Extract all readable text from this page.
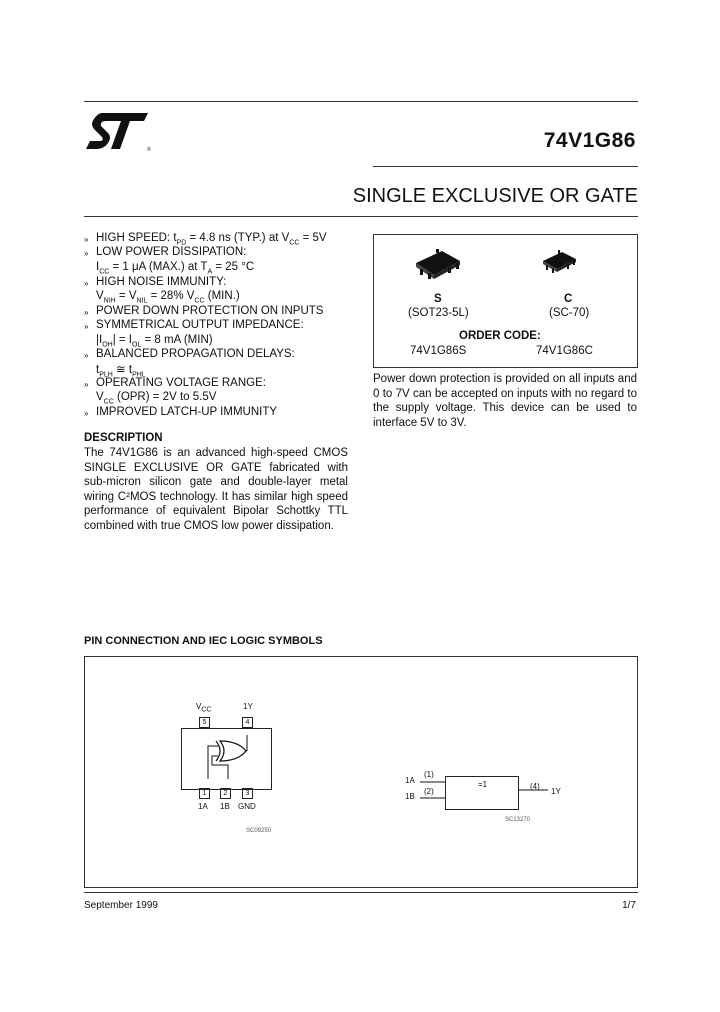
®	74V1G86
SINGLE EXCLUSIVE OR GATE
» HIGH SPEED: $t_{PD} = 4.8$ ns (TYP.) at $V_{CC} = 5V$
» LOW POWER DISSIPATION:
$I_{CC} = 1$ μA (MAX.) at $T_A = 25$ °C
» HIGH NOISE IMMUNITY:
$V_{NIH} = V_{NIL} = 28\%$ $V_{CC}$ (MIN.)
» POWER DOWN PROTECTION ON INPUTS
» SYMMETRICAL OUTPUT IMPEDANCE:
$|I_{OH}| = I_{OL} = 8$ mA (MIN)
» BALANCED PROPAGATION DELAYS:
$t_{PLH}$ ≅ $t_{PHL}$
» OPERATING VOLTAGE RANGE:
$V_{CC}$ (OPR) = 2V to 5.5V
» IMPROVED LATCH-UP IMMUNITY
DESCRIPTION

The 74V1G86 is an advanced high-speed CMOS SINGLE EXCLUSIVE OR GATE fabricated with sub-micron silicon gate and double-layer metal wiring C²MOS technology. It has similar high speed performance of equivalent Bipolar Schottky TTL combined with true CMOS low power dissipation.

S
(SOT23-5L)
C
(SC-70)
ORDER CODE:
74V1G86S	74V1G86C
Power down protection is provided on all inputs and 0 to 7V can be accepted on inputs with no regard to the supply voltage. This device can be used to interface 5V to 3V.
PIN CONNECTION AND IEC LOGIC SYMBOLS
$V_{CC}$	1Y
5	4
1	2	3
1A 1B GND
SC09250
1A
1B
(1)
(2)
=1	(4)
1Y
SC13270
September 1999	1/7
